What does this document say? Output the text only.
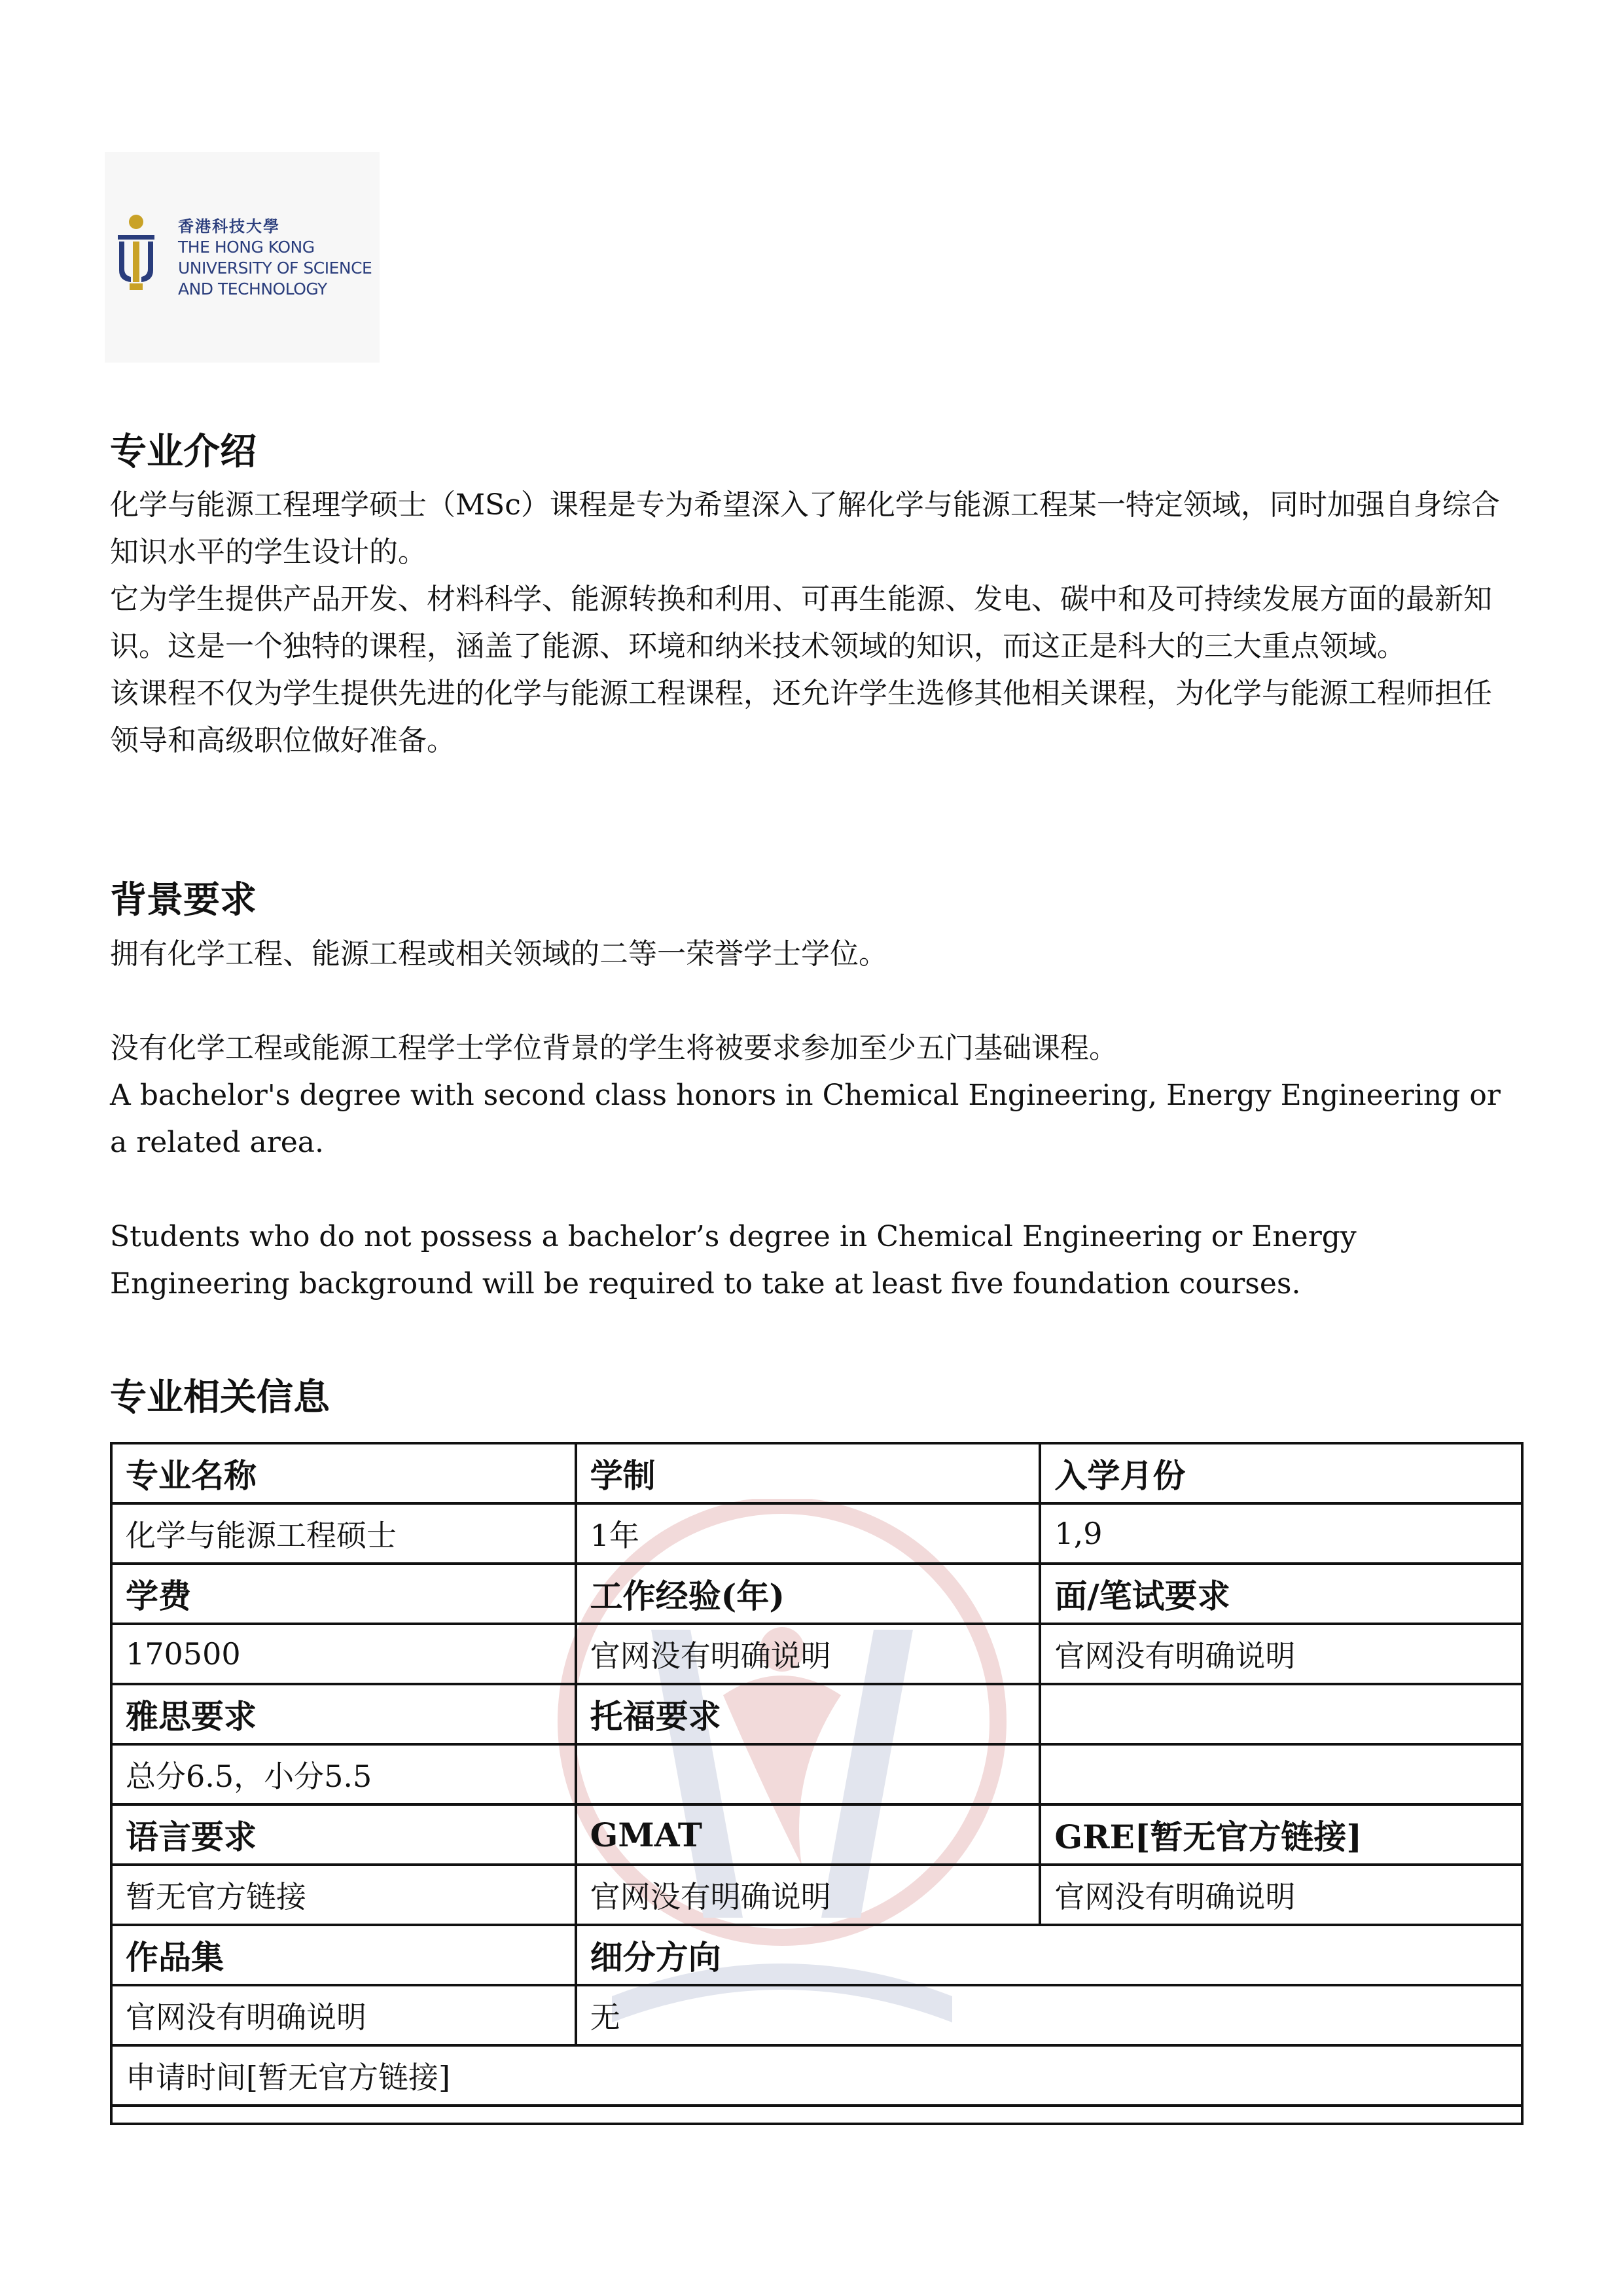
香港科技大學
THE HONG KONG
UNIVERSITY OF SCIENCE
AND TECHNOLOGY
专业介绍

化学与能源工程理学硕士（MSc）课程是专为希望深入了解化学与能源工程某一特定领域，同时加强自身综合知识水平的学生设计的。

它为学生提供产品开发、材料科学、能源转换和利用、可再生能源、发电、碳中和及可持续发展方面的最新知识。这是一个独特的课程，涵盖了能源、环境和纳米技术领域的知识，而这正是科大的三大重点领域。

该课程不仅为学生提供先进的化学与能源工程课程，还允许学生选修其他相关课程，为化学与能源工程师担任领导和高级职位做好准备。

背景要求

拥有化学工程、能源工程或相关领域的二等一荣誉学士学位。

没有化学工程或能源工程学士学位背景的学生将被要求参加至少五门基础课程。

A bachelor's degree with second class honors in Chemical Engineering, Energy Engineering or a related area.

Students who do not possess a bachelor’s degree in Chemical Engineering or Energy Engineering background will be required to take at least five foundation courses.

专业相关信息
专业名称	学制	入学月份
化学与能源工程硕士	1年	1,9
学费	工作经验(年)	面/笔试要求
170500	官网没有明确说明	官网没有明确说明
雅思要求	托福要求	
总分6.5，小分5.5		
语言要求	GMAT	GRE[暂无官方链接]
暂无官方链接	官网没有明确说明	官网没有明确说明
作品集	细分方向	
官网没有明确说明	无	
申请时间[暂无官方链接]		
